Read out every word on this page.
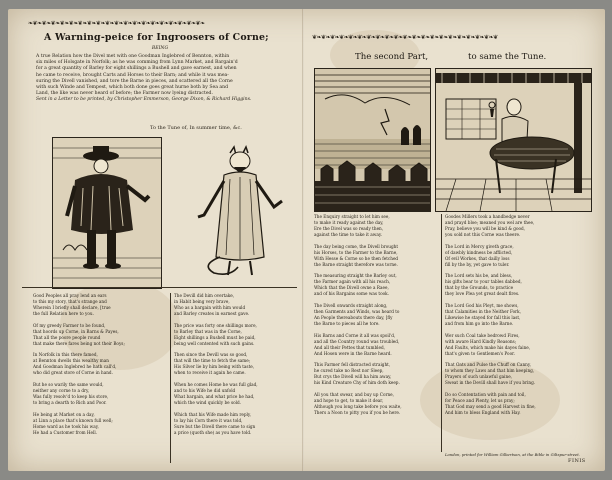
❧❦❧❦❧❦❧❦❧❦❧❦❧❦❧❦❧❦❧❦❧❦❧❦❧❦❧❦❧❦❧❦❧❦❧❦❧❦❧
A Warning-peice for Ingroosers of Corne;
BEING
A true Relation how the Divel met with one Goodman Inglebred of Bennton, within
six miles of Holsgate in Norfolk; as he was comming from Lynn Market, and Bargain'd
for a great quantity of Barley for eight shillings a Bushell and gave earnest, and when
he came to receive, brought Carts and Horses to their Barn; and while it was mea-
suring the Divell vanished, and tore the Barne in pieces, and scattered all the Corne
with such Winde and Tempest, which both done goes great hurne both by Sea and
Land, the like was never heard of before; the Farmer now lyeing distracted.
Sent in a Letter to be printed, by Christopher Emmerson, George Dixon, & Richard Higgins.
To the Tune of, In summer time, &c.
Good Peoples all pray lend an ears
to this my story, that's strange and
Wherein I briefly shall declare, [true
the full Relation here to you.
Of my greedy Farmer to be found,
that hoords up Corne, in Barns & Payes,
That all the poore people round
that make there fares being not their Boys;
In Norfolk in this there famed,
at Bennton dwells this wealthy man
And Goodman Inglebred he hath call'd,
who did great store of Corne in hand.
But he so warily the same would,
neither any corne to a dry,
Was fully resolv'd to keep his store,
to bring a dearth to Rich and Poor.
He being at Market on a day,
at Linn a place that's known full well;
Home ward as he took his way,
He had a Customer from Hell.
The Devill did him overtake,
in Habit being very brave,
Who as a bargain with him would
and Barley creates in earnest gave.
The price was forty one shillings more,
to Barley that was in the Corne,
Eight shillings a Bushell must be paid,
being well contented with such gains.
Then since the Devill was so good,
that will the time to fetch the same;
His Silver lie by him being with taste,
when to receive it again he came.
When he comes Home he was full glad,
and to his Wife he did unfold
What bargain, and what price he had,
which the wind quickly be sold.
Which that his Wife made him reply,
to lay his Corn there it was told,
Sure but the Divell there came to sign
a price (quoth she) as you have told.
❦❧❦❧❦❧❦❧❦❧❦❧❦❧❦❧❦❧❦❧❦❧❦❧❦❧❦❧❦❧❦❧❦❧❦❧❦❧❦❧❦
The second Part,	to same the Tune.
The Enquiry straight to let him see,
to make it ready against the day,
Ere the Divel was so ready then,
against the time to take it away.
The day being come, the Divell brought
his Horses, to the Farmer to the Barne,
With Hesse & Corne so he then fetched
the Barne straight therefore was torne.
The measuring straight the Barley out,
the Farmer again with all his reach,
Which that the Divell owne a Raee,
and of his Bargains some was took.
The Divell onwards straight along,
then Garments and Winds, was heard to
An People thereabouts there day, [fly
the Barne to pieces all he tore.
His Barns and Corne it all was spoil'd,
and all the Country round was troubled,
And all their Pettes that tumbled,
And Hosen were in the Barne heard.
This Farmer fell distracted straight,
he cured take no Rest nor Sleep,
But crys the Divell will ha him away,
his Kind Creature Chy of him doth keep.
All you that swear, and buy up Corne,
and hope to get, to make it dear,
Although you long take before you waite,
Thers a Noon to pitty you if you be here.
Goodes Millers took a handbedge never
and prayd bloe; meaned you wel are thee,
Pray, believe you will be kind & good,
you sold not this Corne was theere.
The Lord in Mercy giveth grace,
of dawbly kindness be afflicted,
Of evil Workes, that dailly loss
fill by the by, yet gave to tuler.
The Lord sets his be, and bless,
his gifts bear to your tables dabbed,
that by the Grounds, to practice
they love Plea yet great dealt fires.
The Lord God his Pleyt, me shows,
that Calamities in the Neither Fork,
Likewise he stayed for fall this last,
and from him go into the Barne.
Wer such Coal take bedrowd Fires,
with aware Hard Kindly Reasons;
And Faults, which make his dayes faine,
that's given to Gentlemen's Poor.
That Oats and Pulse the Chuff on Canny,
to whom they Laws and that him keeping,
Prayers of such unlawful gaine,
Sweat in the Devill shall have if you bring.
Do so Contentation with pain and toil,
for Peace and Plenty, let us pray;
That God may send a good Harvest in fine,
And him to bless England with Hay.
London, printed for William Gilbertson, at the Bible in Giltspur-street.
FINIS
